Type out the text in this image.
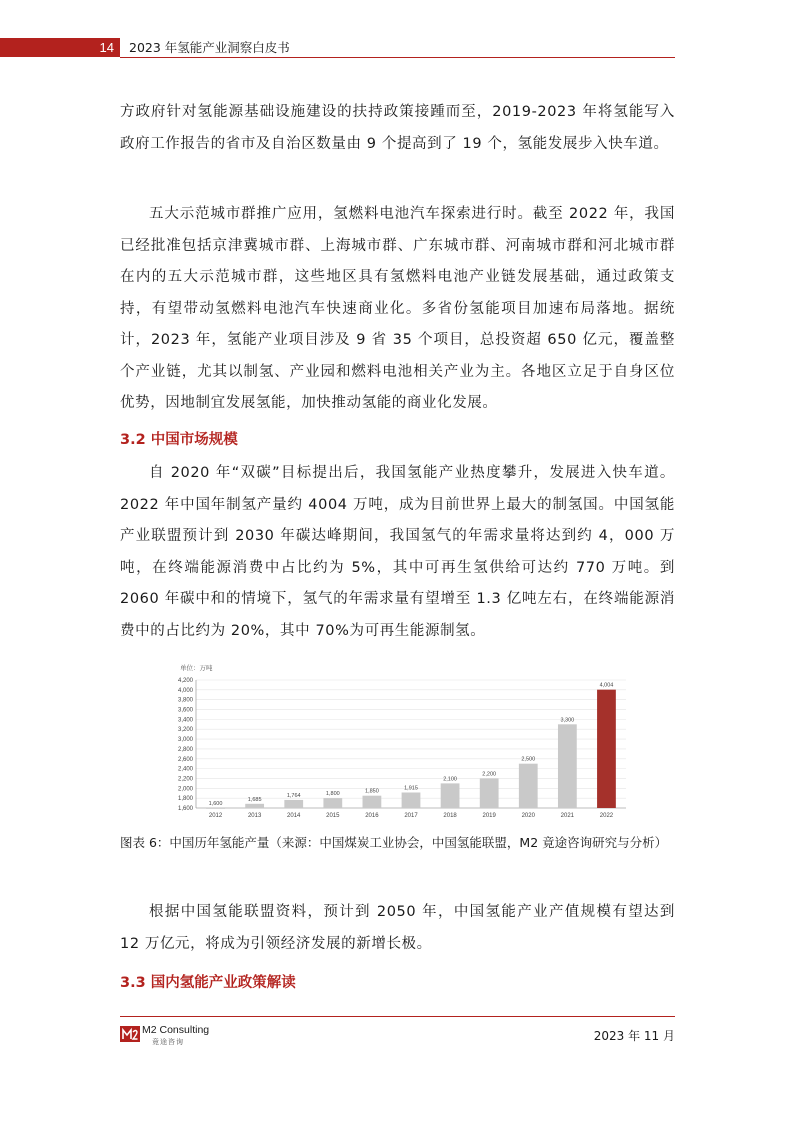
14	2023 年氢能产业洞察白皮书

方政府针对氢能源基础设施建设的扶持政策接踵而至，2019-2023 年将氢能写入政府工作报告的省市及自治区数量由 9 个提高到了 19 个，氢能发展步入快车道。

五大示范城市群推广应用，氢燃料电池汽车探索进行时。截至 2022 年，我国已经批准包括京津冀城市群、上海城市群、广东城市群、河南城市群和河北城市群在内的五大示范城市群，这些地区具有氢燃料电池产业链发展基础，通过政策支持，有望带动氢燃料电池汽车快速商业化。多省份氢能项目加速布局落地。据统计，2023 年，氢能产业项目涉及 9 省 35 个项目，总投资超 650 亿元，覆盖整个产业链，尤其以制氢、产业园和燃料电池相关产业为主。各地区立足于自身区位优势，因地制宜发展氢能，加快推动氢能的商业化发展。

3.2 中国市场规模

自 2020 年“双碳”目标提出后，我国氢能产业热度攀升，发展进入快车道。2022 年中国年制氢产量约 4004 万吨，成为目前世界上最大的制氢国。中国氢能产业联盟预计到 2030 年碳达峰期间，我国氢气的年需求量将达到约 4，000 万吨，在终端能源消费中占比约为 5%，其中可再生氢供给可达约 770 万吨。到 2060 年碳中和的情境下，氢气的年需求量有望增至 1.3 亿吨左右，在终端能源消费中的占比约为 20%，其中 70%为可再生能源制氢。

单位：万吨
1,600
1,800
2,000
2,200
2,400
2,600
2,800
3,000
3,200
3,400
3,600
3,800
4,000
4,200
1,600
2012
1,685
2013
1,764
2014
1,800
2015
1,850
2016
1,915
2017
2,100
2018
2,200
2019
2,500
2020
3,300
2021
4,004
2022

图表 6：中国历年氢能产量（来源：中国煤炭工业协会，中国氢能联盟，M2 竟途咨询研究与分析）

根据中国氢能联盟资料，预计到 2050 年，中国氢能产业产值规模有望达到 12 万亿元，将成为引领经济发展的新增长极。

3.3 国内氢能产业政策解读
M2 Consulting
竟途咨询	2023 年 11 月
